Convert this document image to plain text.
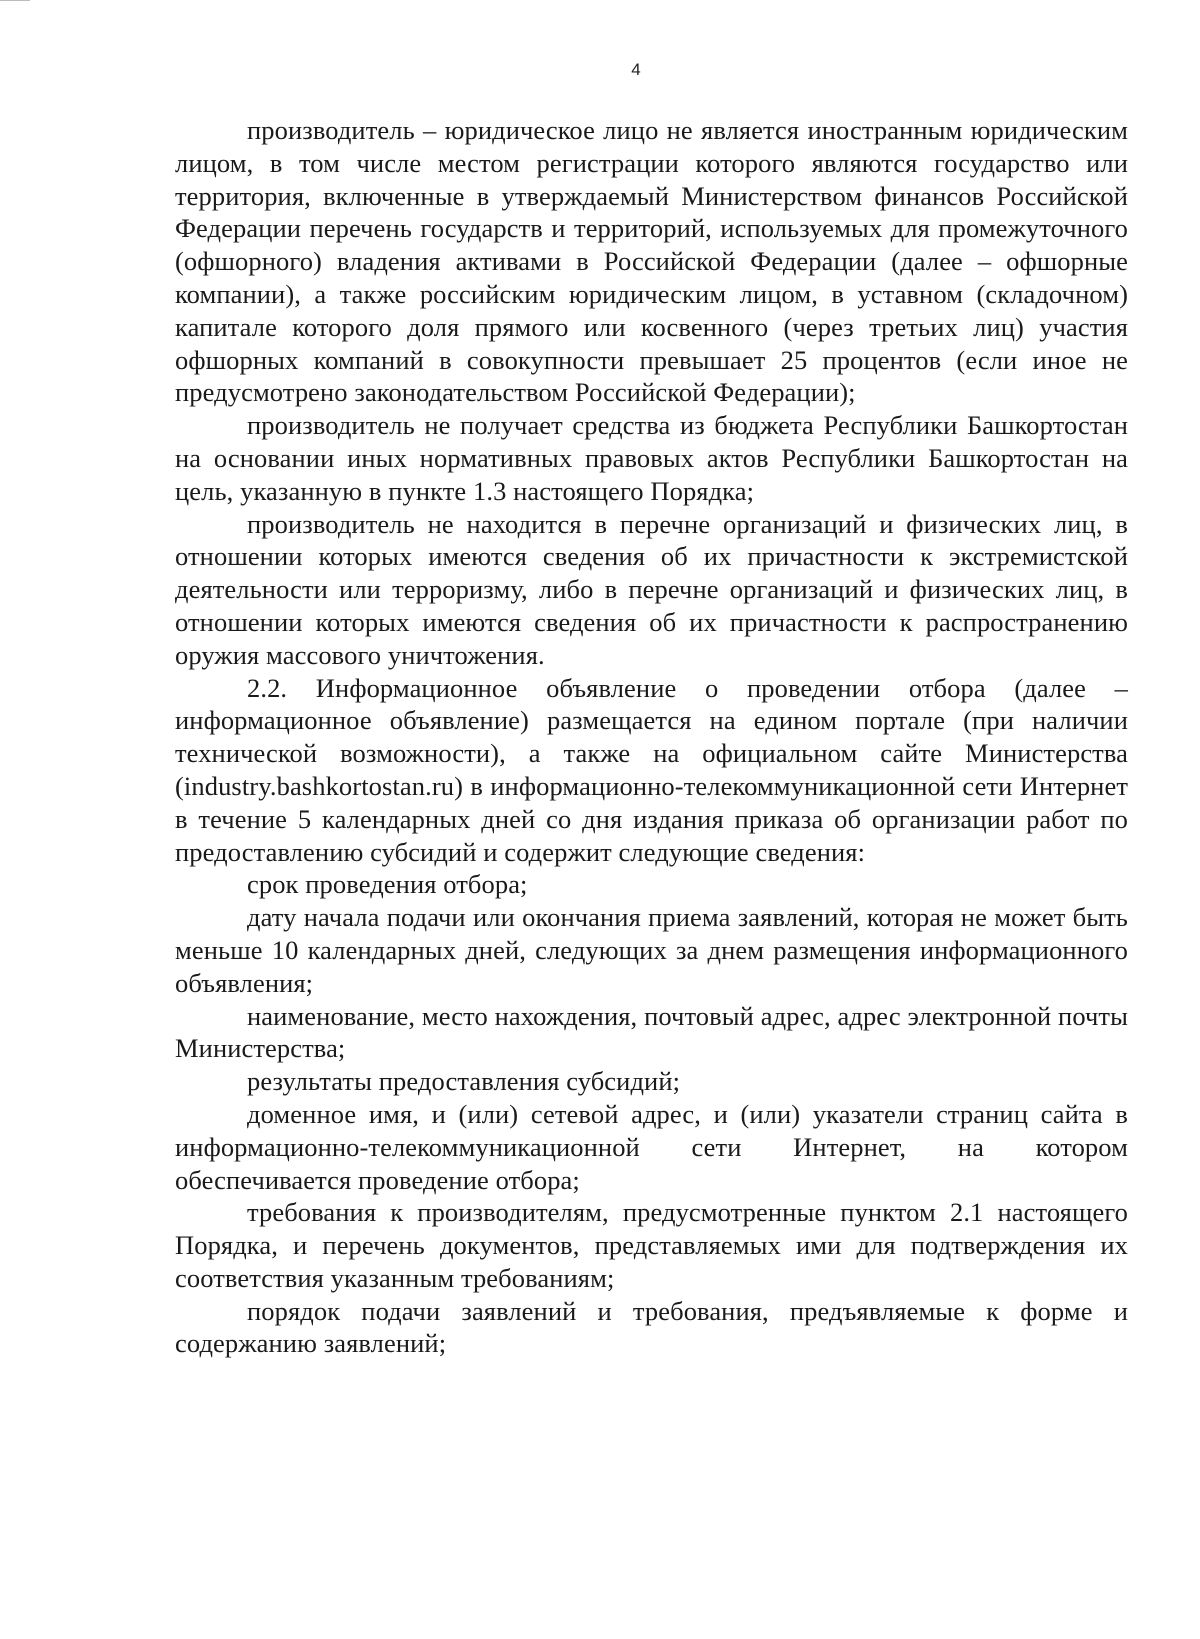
4

производитель – юридическое лицо не является иностранным юридическим лицом, в том числе местом регистрации которого являются государство или территория, включенные в утверждаемый Министерством финансов Российской Федерации перечень государств и территорий, используемых для промежуточного (офшорного) владения активами в Российской Федерации (далее – офшорные компании), а также российским юридическим лицом, в уставном (складочном) капитале которого доля прямого или косвенного (через третьих лиц) участия офшорных компаний в совокупности превышает 25 процентов (если иное не предусмотрено законодательством Российской Федерации);

производитель не получает средства из бюджета Республики Башкортостан на основании иных нормативных правовых актов Республики Башкортостан на цель, указанную в пункте 1.3 настоящего Порядка;

производитель не находится в перечне организаций и физических лиц, в отношении которых имеются сведения об их причастности к экстремистской деятельности или терроризму, либо в перечне организаций и физических лиц, в отношении которых имеются сведения об их причастности к распространению оружия массового уничтожения.

2.2. Информационное объявление о проведении отбора (далее – информационное объявление) размещается на едином портале (при наличии технической возможности), а также на официальном сайте Министерства (industry.bashkortostan.ru) в информационно-телекоммуникационной сети Интернет в течение 5 календарных дней со дня издания приказа об организации работ по предоставлению субсидий и содержит следующие сведения:

срок проведения отбора;

дату начала подачи или окончания приема заявлений, которая не может быть меньше 10 календарных дней, следующих за днем размещения информационного объявления;

наименование, место нахождения, почтовый адрес, адрес электронной почты Министерства;

результаты предоставления субсидий;

доменное имя, и (или) сетевой адрес, и (или) указатели страниц сайта в информационно-телекоммуникационной сети Интернет, на котором обеспечивается проведение отбора;

требования к производителям, предусмотренные пунктом 2.1 настоящего Порядка, и перечень документов, представляемых ими для подтверждения их соответствия указанным требованиям;

порядок подачи заявлений и требования, предъявляемые к форме и содержанию заявлений;
